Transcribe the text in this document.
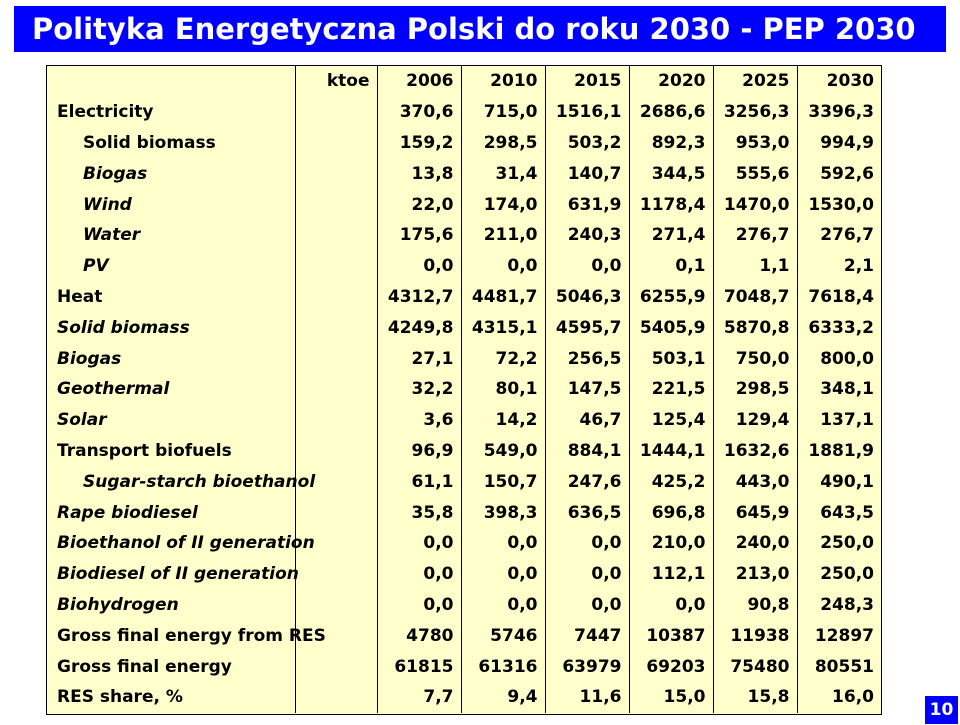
Polityka Energetyczna Polski do roku 2030 - PEP 2030
	ktoe	2006	2010	2015	2020	2025	2030
Electricity		370,6	715,0	1516,1	2686,6	3256,3	3396,3
Solid biomass		159,2	298,5	503,2	892,3	953,0	994,9
Biogas		13,8	31,4	140,7	344,5	555,6	592,6
Wind		22,0	174,0	631,9	1178,4	1470,0	1530,0
Water		175,6	211,0	240,3	271,4	276,7	276,7
PV		0,0	0,0	0,0	0,1	1,1	2,1
Heat		4312,7	4481,7	5046,3	6255,9	7048,7	7618,4
Solid biomass		4249,8	4315,1	4595,7	5405,9	5870,8	6333,2
Biogas		27,1	72,2	256,5	503,1	750,0	800,0
Geothermal		32,2	80,1	147,5	221,5	298,5	348,1
Solar		3,6	14,2	46,7	125,4	129,4	137,1
Transport biofuels		96,9	549,0	884,1	1444,1	1632,6	1881,9
Sugar-starch bioethanol		61,1	150,7	247,6	425,2	443,0	490,1
Rape biodiesel		35,8	398,3	636,5	696,8	645,9	643,5
Bioethanol of II generation		0,0	0,0	0,0	210,0	240,0	250,0
Biodiesel of II generation		0,0	0,0	0,0	112,1	213,0	250,0
Biohydrogen		0,0	0,0	0,0	0,0	90,8	248,3
Gross final energy from RES		4780	5746	7447	10387	11938	12897
Gross final energy		61815	61316	63979	69203	75480	80551
RES share, %		7,7	9,4	11,6	15,0	15,8	16,0
10
